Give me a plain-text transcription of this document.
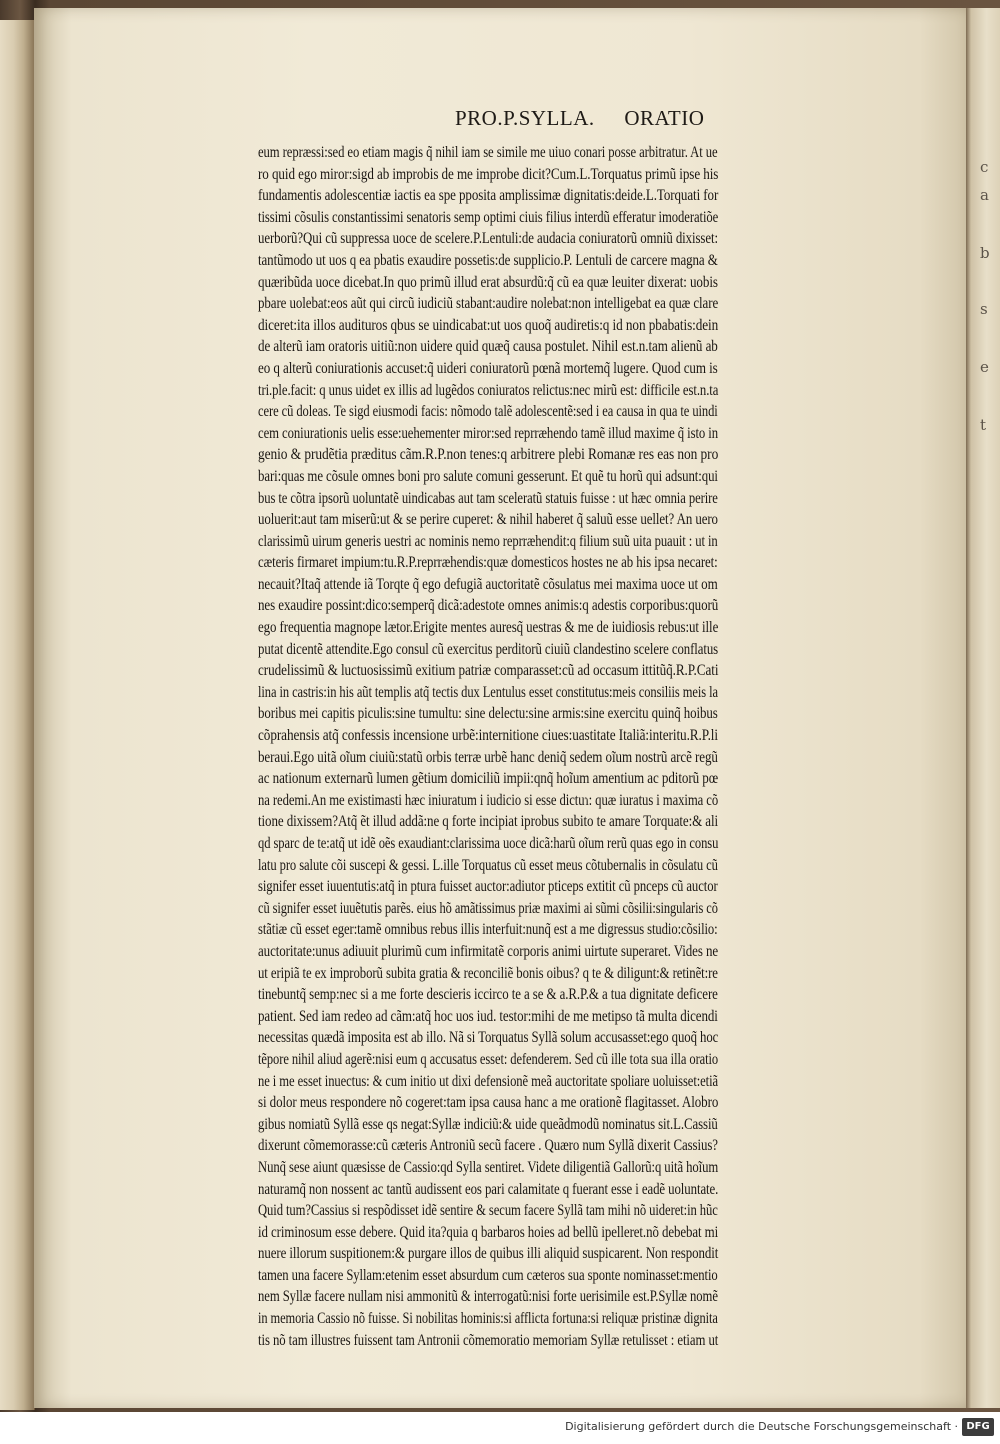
c
a
b
s
e
t
PRO.P.SYLLA. ORATIO
eum repræssi:sed eo etiam magis q̃ nihil iam se simile me uiuo conari posse arbitratur. At ue
ro quid ego miror:sigd ab improbis de me improbe dicit?Cum.L.Torquatus primũ ipse his
fundamentis adolescentiæ iactis ea spe pposita amplissimæ dignitatis:deide.L.Torquati for
tissimi cõsulis constantissimi senatoris semp optimi ciuis filius interdũ efferatur imoderatiõe
uerborũ?Qui cũ suppressa uoce de scelere.P.Lentuli:de audacia coniuratorũ omniũ dixisset:
tantũmodo ut uos q ea pbatis exaudire possetis:de supplicio.P. Lentuli de carcere magna &
quæribũda uoce dicebat.In quo primũ illud erat absurdũ:q̃ cũ ea quæ leuiter dixerat: uobis
pbare uolebat:eos aũt qui circũ iudiciũ stabant:audire nolebat:non intelligebat ea quæ clare
diceret:ita illos audituros qbus se uindicabat:ut uos quoq̃ audiretis:q id non pbabatis:dein
de alterũ iam oratoris uitiũ:non uidere quid quæq̃ causa postulet. Nihil est.n.tam alienũ ab
eo q alterũ coniurationis accuset:q̃ uideri coniuratorũ pœnã mortemq̃ lugere. Quod cum is
tri.ple.facit: q unus uidet ex illis ad lugẽdos coniuratos relictus:nec mirũ est: difficile est.n.ta
cere cũ doleas. Te sigd eiusmodi facis: nõmodo talẽ adolescentẽ:sed i ea causa in qua te uindi
cem coniurationis uelis esse:uehementer miror:sed reprræhendo tamẽ illud maxime q̃ isto in
genio & prudẽtia præditus cãm.R.P.non tenes:q arbitrere plebi Romanæ res eas non pro
bari:quas me cõsule omnes boni pro salute comuni gesserunt. Et quẽ tu horũ qui adsunt:qui
bus te cõtra ipsorũ uoluntatẽ uindicabas aut tam sceleratũ statuis fuisse : ut hæc omnia perire
uoluerit:aut tam miserũ:ut & se perire cuperet: & nihil haberet q̃ saluũ esse uellet? An uero
clarissimũ uirum generis uestri ac nominis nemo reprræhendit:q filium suũ uita puauit : ut in
cæteris firmaret impium:tu.R.P.reprræhendis:quæ domesticos hostes ne ab his ipsa necaret:
necauit?Itaq̃ attende iã Torqte q̃ ego defugiã auctoritatẽ cõsulatus mei maxima uoce ut om
nes exaudire possint:dico:semperq̃ dicã:adestote omnes animis:q adestis corporibus:quorũ
ego frequentia magnope lætor.Erigite mentes auresq̃ uestras & me de iuidiosis rebus:ut ille
putat dicentẽ attendite.Ego consul cũ exercitus perditorũ ciuiũ clandestino scelere conflatus
crudelissimũ & luctuosissimũ exitium patriæ comparasset:cũ ad occasum ittitũq̃.R.P.Cati
lina in castris:in his aũt templis atq̃ tectis dux Lentulus esset constitutus:meis consiliis meis la
boribus mei capitis piculis:sine tumultu: sine delectu:sine armis:sine exercitu quinq̃ hoibus
cõprahensis atq̃ confessis incensione urbẽ:internitione ciues:uastitate Italiã:interitu.R.P.li
beraui.Ego uitã oĩum ciuiũ:statũ orbis terræ urbẽ hanc deniq̃ sedem oĩum nostrũ arcẽ regũ
ac nationum externarũ lumen gẽtium domiciliũ impii:qnq̃ hoĩum amentium ac pditorũ pœ
na redemi.An me existimasti hæc iniuratum i iudicio si esse dictuɿ: quæ iuratus i maxima cõ
tione dixissem?Atq̃ ẽt illud addã:ne q forte incipiat iprobus subito te amare Torquate:& ali
qd sparc de te:atq̃ ut idẽ oẽs exaudiant:clarissima uoce dicã:harũ oĩum rerũ quas ego in consu
latu pro salute cõi suscepi & gessi. L.ille Torquatus cũ esset meus cõtubernalis in cõsulatu cũ
signifer esset iuuentutis:atq̃ in ptura fuisset auctor:adiutor pticeps extitit cũ pnceps cũ auctor
cũ signifer esset iuuẽtutis parẽs. eius hõ amãtissimus priæ maximi ai sũmi cõsilii:singularis cõ
stãtiæ cũ esset eger:tamẽ omnibus rebus illis interfuit:nunq̃ est a me digressus studio:cõsilio:
auctoritate:unus adiuuit plurimũ cum infirmitatẽ corporis animi uirtute superaret. Vides ne
ut eripiã te ex improborũ subita gratia & reconciliẽ bonis oibus? q te & diligunt:& retinẽt:re
tinebuntq̃ semp:nec si a me forte descieris iccirco te a se & a.R.P.& a tua dignitate deficere
patient. Sed iam redeo ad cãm:atq̃ hoc uos iud. testor:mihi de me metipso tã multa dicendi
necessitas quædã imposita est ab illo. Nã si Torquatus Syllã solum accusasset:ego quoq̃ hoc
tẽpore nihil aliud agerẽ:nisi eum q accusatus esset: defenderem. Sed cũ ille tota sua illa oratio
ne i me esset inuectus: & cum initio ut dixi defensionẽ meã auctoritate spoliare uoluisset:etiã
si dolor meus respondere nõ cogeret:tam ipsa causa hanc a me orationẽ flagitasset. Alobro
gibus nomiatũ Syllã esse qs negat:Syllæ indiciũ:& uide queãdmodũ nominatus sit.L.Cassiũ
dixerunt cõmemorasse:cũ cæteris Antroniũ secũ facere . Quæro num Syllã dixerit Cassius?
Nunq̃ sese aiunt quæsisse de Cassio:qd Sylla sentiret. Videte diligentiã Gallorũ:q uitã hoĩum
naturamq̃ non nossent ac tantũ audissent eos pari calamitate q fuerant esse i eadẽ uoluntate.
Quid tum?Cassius si respõdisset idẽ sentire & secum facere Syllã tam mihi nõ uideret:in hũc
id criminosum esse debere. Quid ita?quia q barbaros hoies ad bellũ ipelleret.nõ debebat mi
nuere illorum suspitionem:& purgare illos de quibus illi aliquid suspicarent. Non respondit
tamen una facere Syllam:etenim esset absurdum cum cæteros sua sponte nominasset:mentio
nem Syllæ facere nullam nisi ammonitũ & interrogatũ:nisi forte uerisimile est.P.Syllæ nomẽ
in memoria Cassio nõ fuisse. Si nobilitas hominis:si afflicta fortuna:si reliquæ pristinæ dignita
tis nõ tam illustres fuissent tam Antronii cõmemoratio memoriam Syllæ retulisset : etiam ut
Digitalisierung gefördert durch die Deutsche Forschungsgemeinschaft · DFG
